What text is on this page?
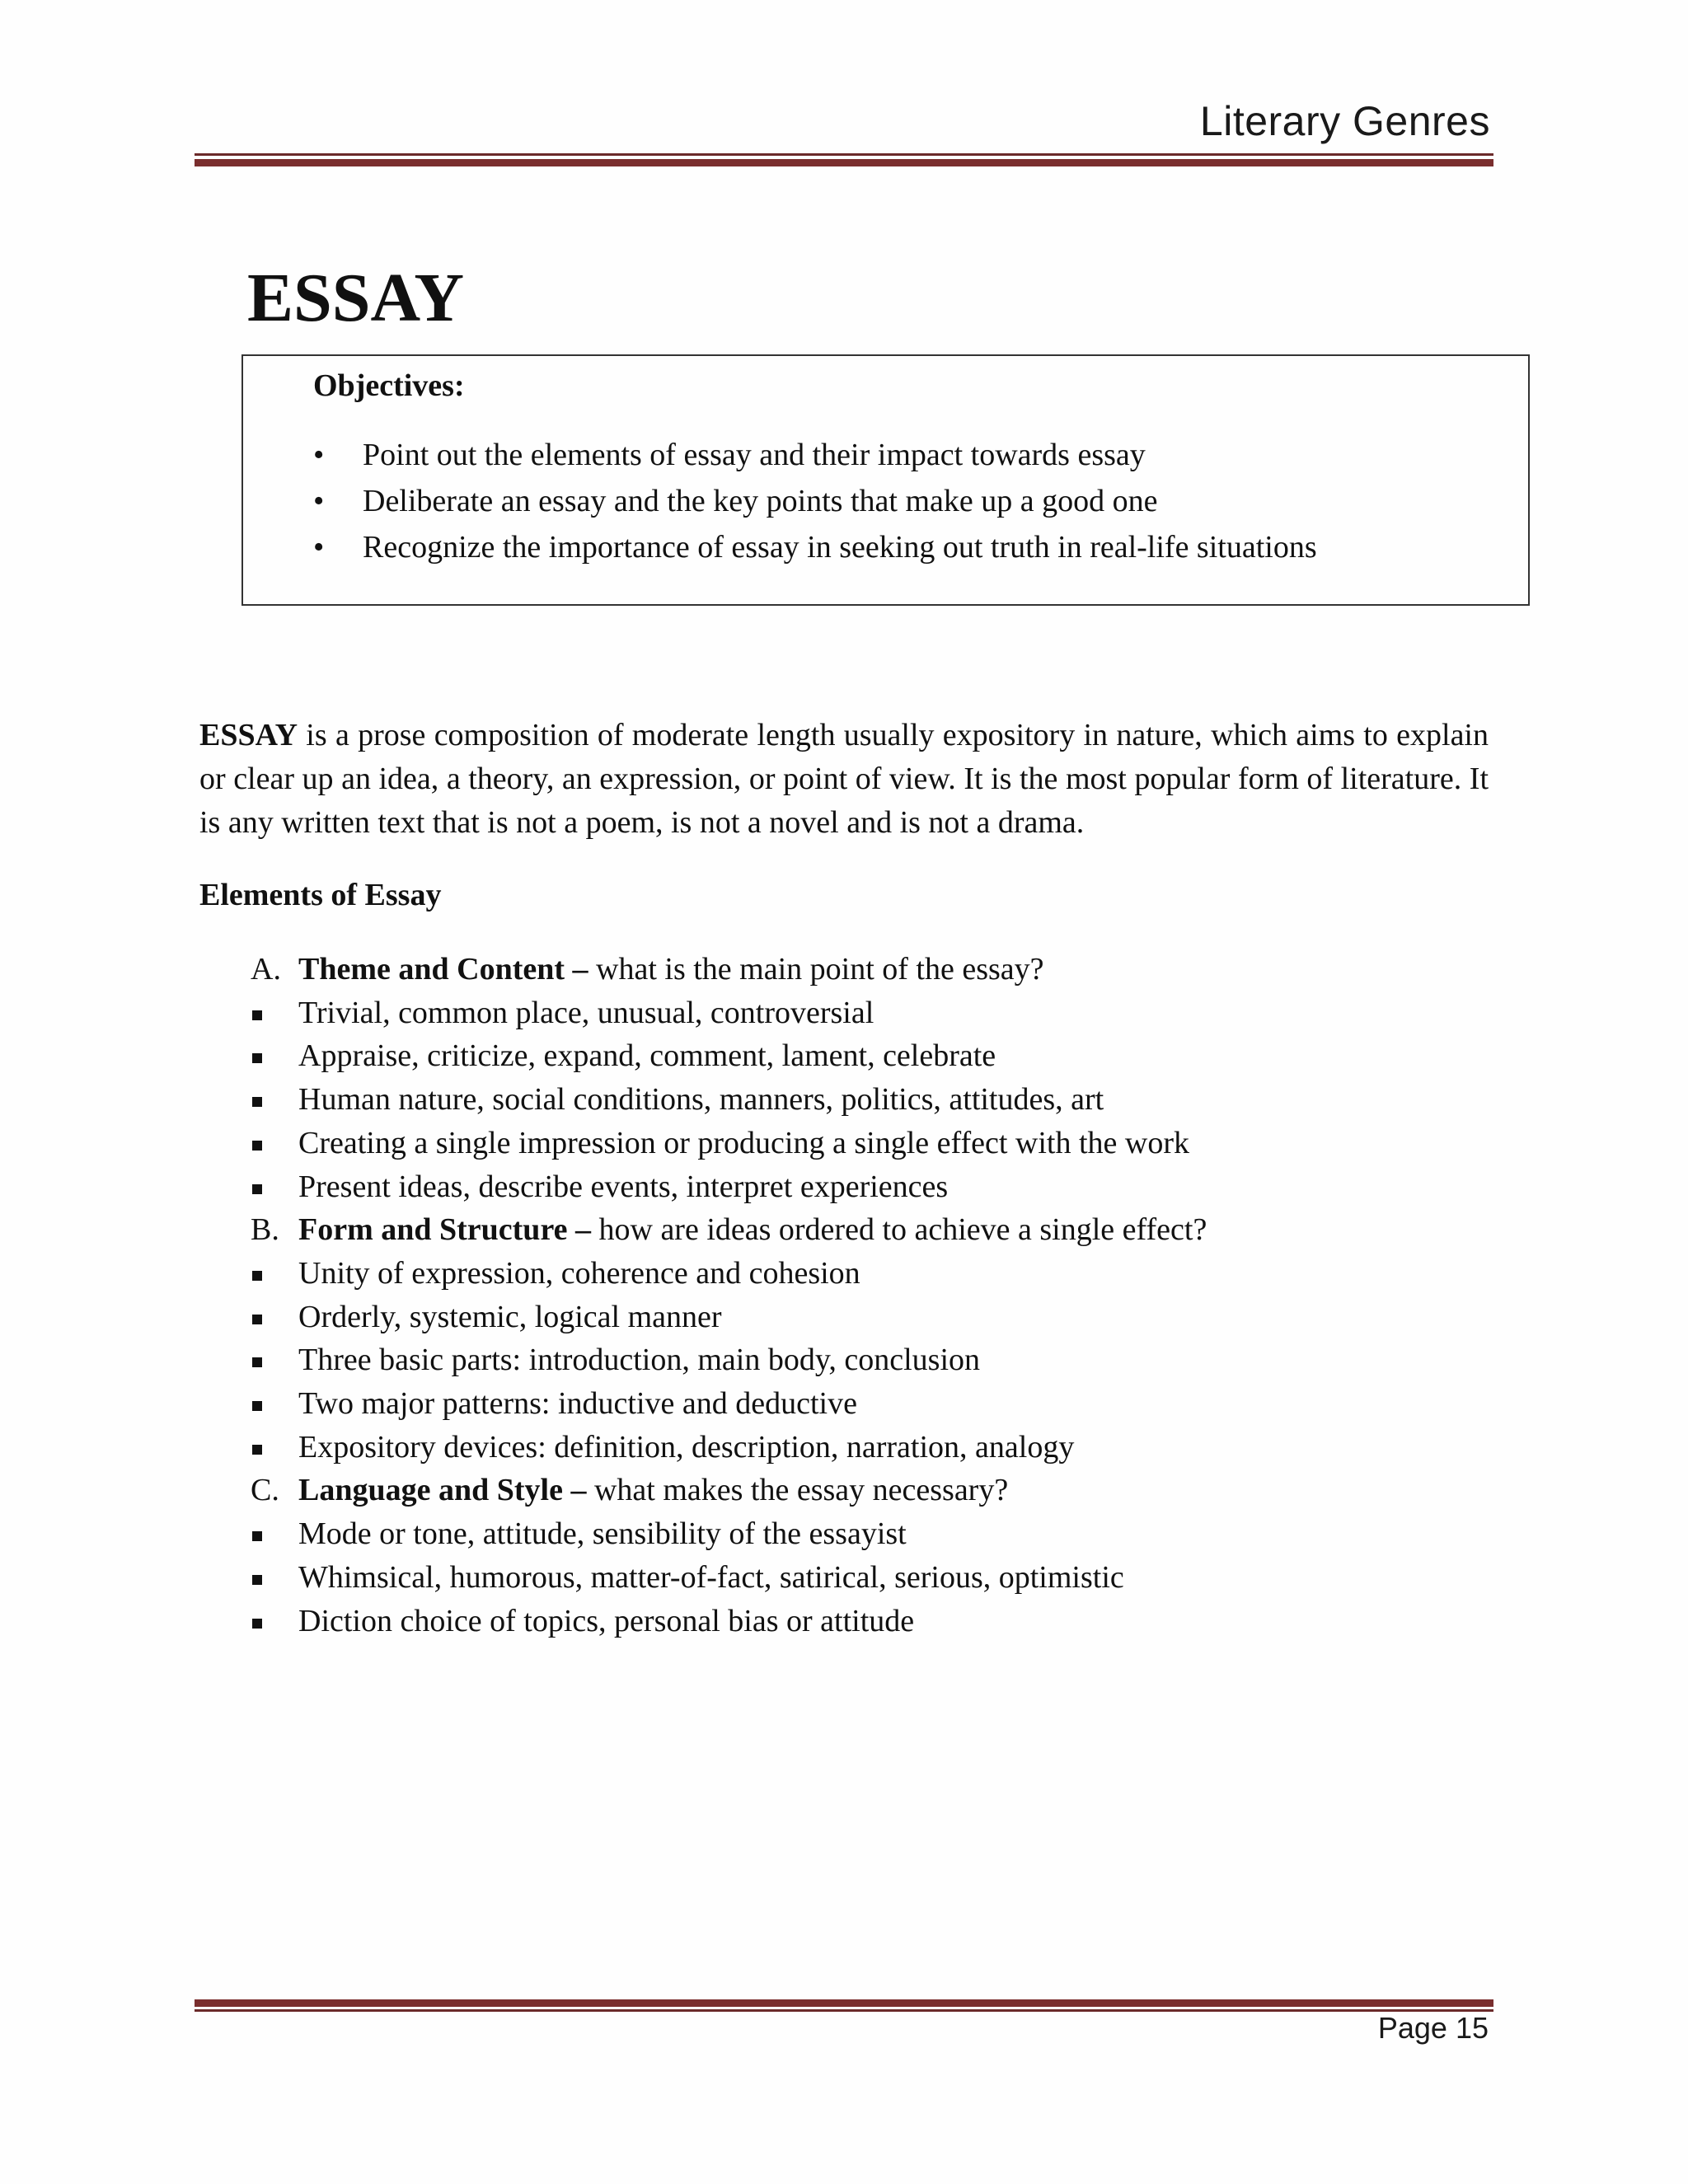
Literary Genres
ESSAY
Objectives:
• Point out the elements of essay and their impact towards essay
• Deliberate an essay and the key points that make up a good one
• Recognize the importance of essay in seeking out truth in real-life situations

ESSAY is a prose composition of moderate length usually expository in nature, which aims to explain or clear up an idea, a theory, an expression, or point of view. It is the most popular form of literature. It is any written text that is not a poem, is not a novel and is not a drama.

Elements of Essay

A. Theme and Content – what is the main point of the essay?
Trivial, common place, unusual, controversial
Appraise, criticize, expand, comment, lament, celebrate
Human nature, social conditions, manners, politics, attitudes, art
Creating a single impression or producing a single effect with the work
Present ideas, describe events, interpret experiences
B. Form and Structure – how are ideas ordered to achieve a single effect?
Unity of expression, coherence and cohesion
Orderly, systemic, logical manner
Three basic parts: introduction, main body, conclusion
Two major patterns: inductive and deductive
Expository devices: definition, description, narration, analogy
C. Language and Style – what makes the essay necessary?
Mode or tone, attitude, sensibility of the essayist
Whimsical, humorous, matter-of-fact, satirical, serious, optimistic
Diction choice of topics, personal bias or attitude
Page 15
